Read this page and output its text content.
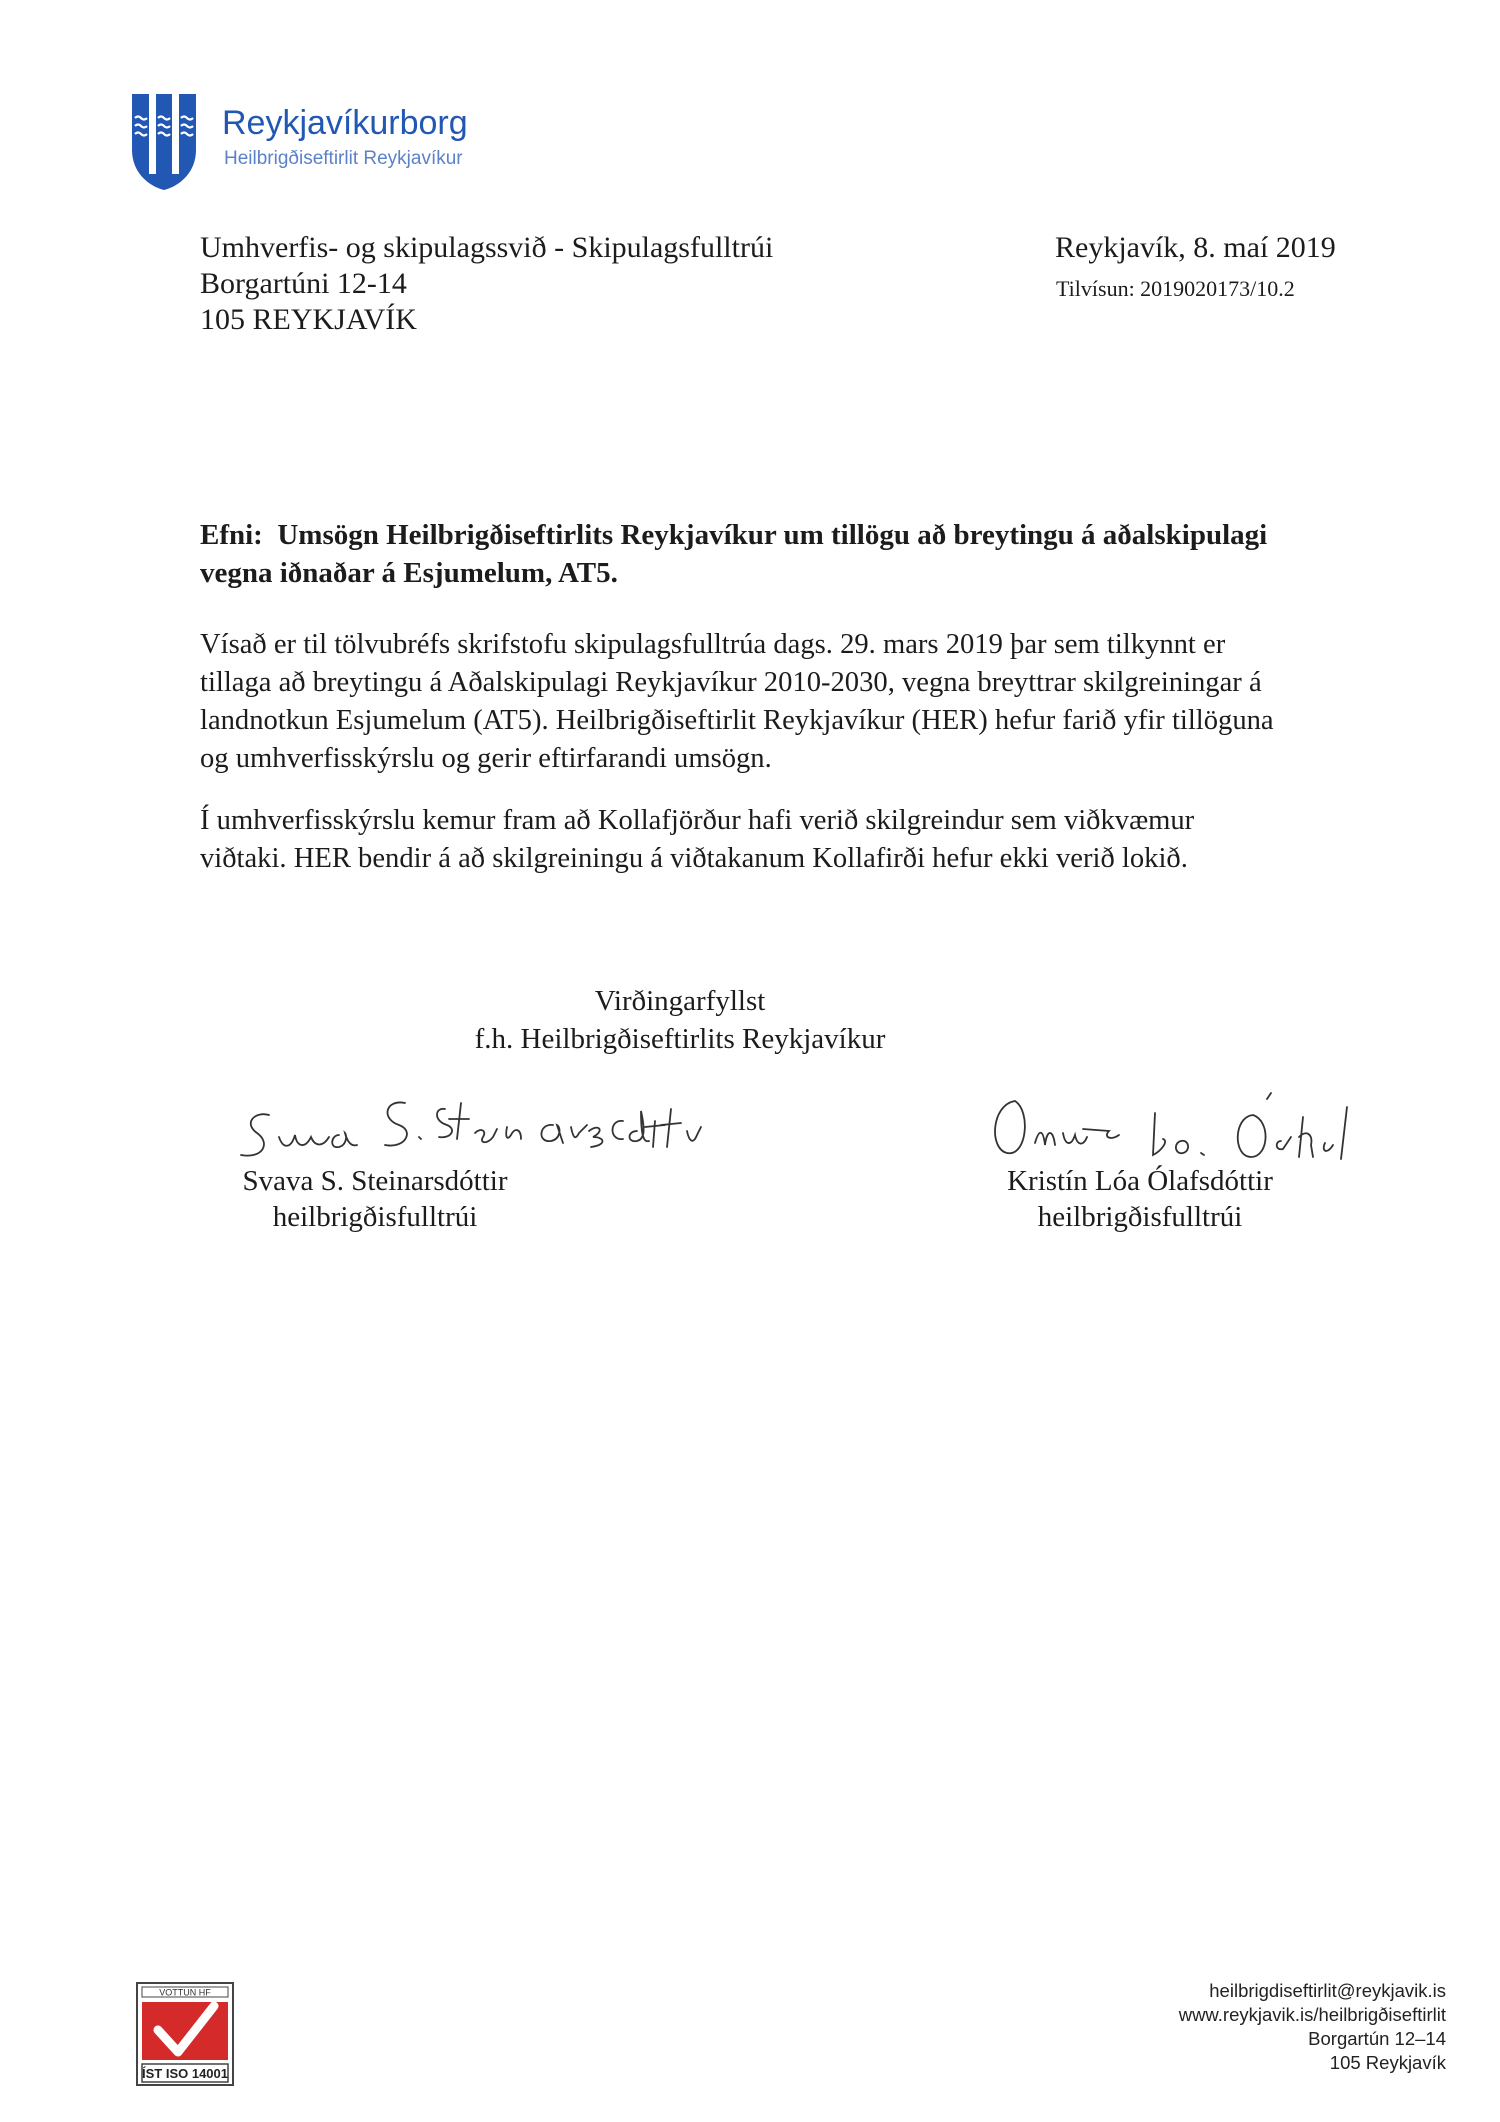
Reykjavíkurborg
Heilbrigðiseftirlit Reykjavíkur
Umhverfis- og skipulagssvið - Skipulagsfulltrúi
Borgartúni 12-14
105 REYKJAVÍK
Reykjavík, 8. maí 2019
Tilvísun: 2019020173/10.2
Efni: Umsögn Heilbrigðiseftirlits Reykjavíkur um tillögu að breytingu á aðalskipulagi
vegna iðnaðar á Esjumelum, AT5.
Vísað er til tölvubréfs skrifstofu skipulagsfulltrúa dags. 29. mars 2019 þar sem tilkynnt er
tillaga að breytingu á Aðalskipulagi Reykjavíkur 2010-2030, vegna breyttrar skilgreiningar á
landnotkun Esjumelum (AT5). Heilbrigðiseftirlit Reykjavíkur (HER) hefur farið yfir tillöguna
og umhverfisskýrslu og gerir eftirfarandi umsögn.
Í umhverfisskýrslu kemur fram að Kollafjörður hafi verið skilgreindur sem viðkvæmur
viðtaki. HER bendir á að skilgreiningu á viðtakanum Kollafirði hefur ekki verið lokið.
Virðingarfyllst
f.h. Heilbrigðiseftirlits Reykjavíkur
Svava S. Steinarsdóttir
heilbrigðisfulltrúi
Kristín Lóa Ólafsdóttir
heilbrigðisfulltrúi
VOTTUN HF
ÍST ISO 14001
heilbrigdiseftirlit@reykjavik.is
www.reykjavik.is/heilbrigðiseftirlit
Borgartún 12–14
105 Reykjavík
